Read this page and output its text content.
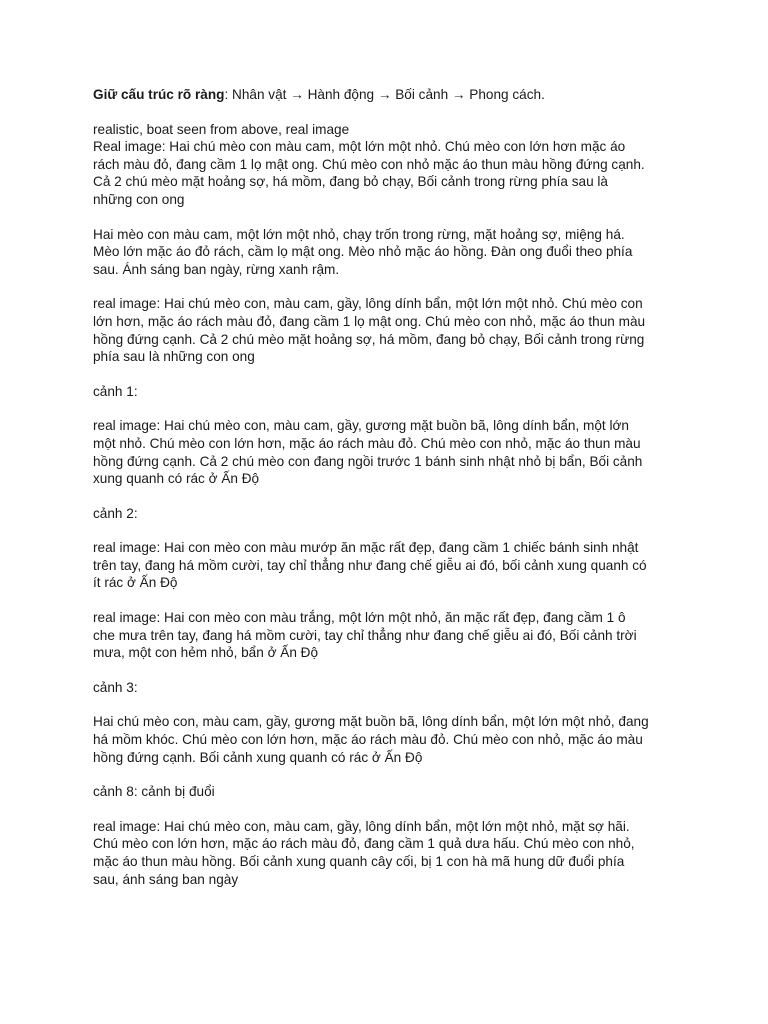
Giữ cấu trúc rõ ràng: Nhân vật → Hành động → Bối cảnh → Phong cách.

realistic, boat seen from above, real image
Real image: Hai chú mèo con màu cam, một lớn một nhỏ. Chú mèo con lớn hơn mặc áo
rách màu đỏ, đang cầm 1 lọ mật ong. Chú mèo con nhỏ mặc áo thun màu hồng đứng cạnh.
Cả 2 chú mèo mặt hoảng sợ, há mồm, đang bỏ chạy, Bối cảnh trong rừng phía sau là
những con ong

Hai mèo con màu cam, một lớn một nhỏ, chạy trốn trong rừng, mặt hoảng sợ, miệng há.
Mèo lớn mặc áo đỏ rách, cầm lọ mật ong. Mèo nhỏ mặc áo hồng. Đàn ong đuổi theo phía
sau. Ánh sáng ban ngày, rừng xanh rậm.

real image: Hai chú mèo con, màu cam, gầy, lông dính bẩn, một lớn một nhỏ. Chú mèo con
lớn hơn, mặc áo rách màu đỏ, đang cầm 1 lọ mật ong. Chú mèo con nhỏ, mặc áo thun màu
hồng đứng cạnh. Cả 2 chú mèo mặt hoảng sợ, há mồm, đang bỏ chạy, Bối cảnh trong rừng
phía sau là những con ong

cảnh 1:

real image: Hai chú mèo con, màu cam, gầy, gương mặt buồn bã, lông dính bẩn, một lớn
một nhỏ. Chú mèo con lớn hơn, mặc áo rách màu đỏ. Chú mèo con nhỏ, mặc áo thun màu
hồng đứng cạnh. Cả 2 chú mèo con đang ngồi trước 1 bánh sinh nhật nhỏ bị bẩn, Bối cảnh
xung quanh có rác ở Ấn Độ

cảnh 2:

real image: Hai con mèo con màu mướp ăn mặc rất đẹp, đang cầm 1 chiếc bánh sinh nhật
trên tay, đang há mồm cười, tay chỉ thẳng như đang chế giễu ai đó, bối cảnh xung quanh có
ít rác ở Ấn Độ

real image: Hai con mèo con màu trắng, một lớn một nhỏ, ăn mặc rất đẹp, đang cầm 1 ô
che mưa trên tay, đang há mồm cười, tay chỉ thẳng như đang chế giễu ai đó, Bối cảnh trời
mưa, một con hẻm nhỏ, bẩn ở Ấn Độ

cảnh 3:

Hai chú mèo con, màu cam, gầy, gương mặt buồn bã, lông dính bẩn, một lớn một nhỏ, đang
há mồm khóc. Chú mèo con lớn hơn, mặc áo rách màu đỏ. Chú mèo con nhỏ, mặc áo màu
hồng đứng cạnh. Bối cảnh xung quanh có rác ở Ấn Độ

cảnh 8: cảnh bị đuổi

real image: Hai chú mèo con, màu cam, gầy, lông dính bẩn, một lớn một nhỏ, mặt sợ hãi.
Chú mèo con lớn hơn, mặc áo rách màu đỏ, đang cầm 1 quả dưa hấu. Chú mèo con nhỏ,
mặc áo thun màu hồng. Bối cảnh xung quanh cây cối, bị 1 con hà mã hung dữ đuổi phía
sau, ánh sáng ban ngày
